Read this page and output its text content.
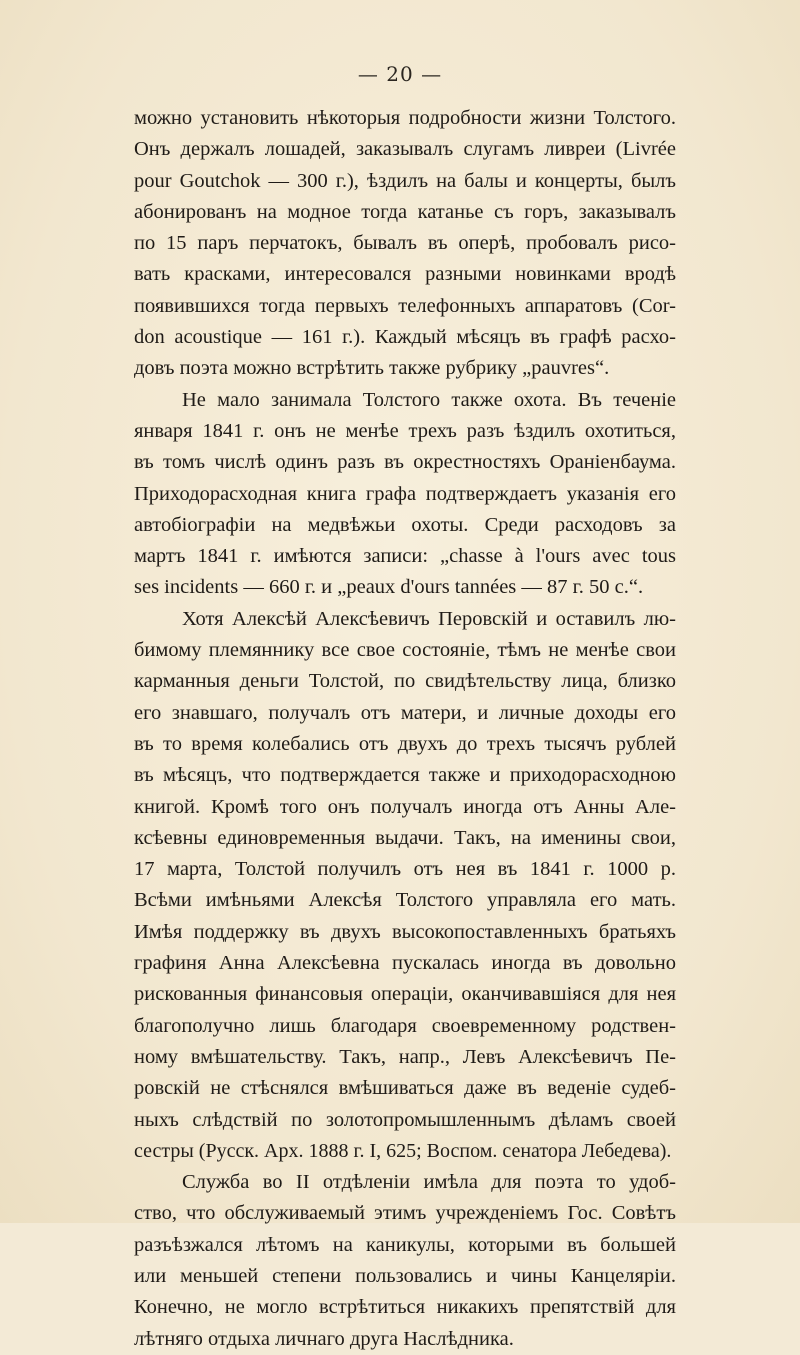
— 20 —
можно установить нѣкоторыя подробности жизни Толстого.
Онъ держалъ лошадей, заказывалъ слугамъ ливреи (Livrée
pour Goutchok — 300 г.), ѣздилъ на балы и концерты, былъ
абонированъ на модное тогда катанье съ горъ, заказывалъ
по 15 паръ перчатокъ, бывалъ въ оперѣ, пробовалъ рисо-
вать красками, интересовался разными новинками вродѣ
появившихся тогда первыхъ телефонныхъ аппаратовъ (Cor-
don acoustique — 161 г.). Каждый мѣсяцъ въ графѣ расхо-
довъ поэта можно встрѣтить также рубрику „pauvres“.
Не мало занимала Толстого также охота. Въ теченіе
января 1841 г. онъ не менѣе трехъ разъ ѣздилъ охотиться,
въ томъ числѣ одинъ разъ въ окрестностяхъ Ораніенбаума.
Приходорасходная книга графа подтверждаетъ указанія его
автобіографіи на медвѣжьи охоты. Среди расходовъ за
мартъ 1841 г. имѣются записи: „chasse à l'ours avec tous
ses incidents — 660 г. и „peaux d'ours tannées — 87 г. 50 с.“.
Хотя Алексѣй Алексѣевичъ Перовскій и оставилъ лю-
бимому племяннику все свое состояніе, тѣмъ не менѣе свои
карманныя деньги Толстой, по свидѣтельству лица, близко
его знавшаго, получалъ отъ матери, и личные доходы его
въ то время колебались отъ двухъ до трехъ тысячъ рублей
въ мѣсяцъ, что подтверждается также и приходорасходною
книгой. Кромѣ того онъ получалъ иногда отъ Анны Але-
ксѣевны единовременныя выдачи. Такъ, на именины свои,
17 марта, Толстой получилъ отъ нея въ 1841 г. 1000 р.
Всѣми имѣньями Алексѣя Толстого управляла его мать.
Имѣя поддержку въ двухъ высокопоставленныхъ братьяхъ
графиня Анна Алексѣевна пускалась иногда въ довольно
рискованныя финансовыя операціи, оканчивавшіяся для нея
благополучно лишь благодаря своевременному родствен-
ному вмѣшательству. Такъ, напр., Левъ Алексѣевичъ Пе-
ровскій не стѣснялся вмѣшиваться даже въ веденіе судеб-
ныхъ слѣдствій по золотопромышленнымъ дѣламъ своей
сестры (Русск. Арх. 1888 г. I, 625; Воспом. сенатора Лебедева).
Служба во II отдѣленіи имѣла для поэта то удоб-
ство, что обслуживаемый этимъ учрежденіемъ Гос. Совѣтъ
разъѣзжался лѣтомъ на каникулы, которыми въ большей
или меньшей степени пользовались и чины Канцеляріи.
Конечно, не могло встрѣтиться никакихъ препятствій для
лѣтняго отдыха личнаго друга Наслѣдника.
